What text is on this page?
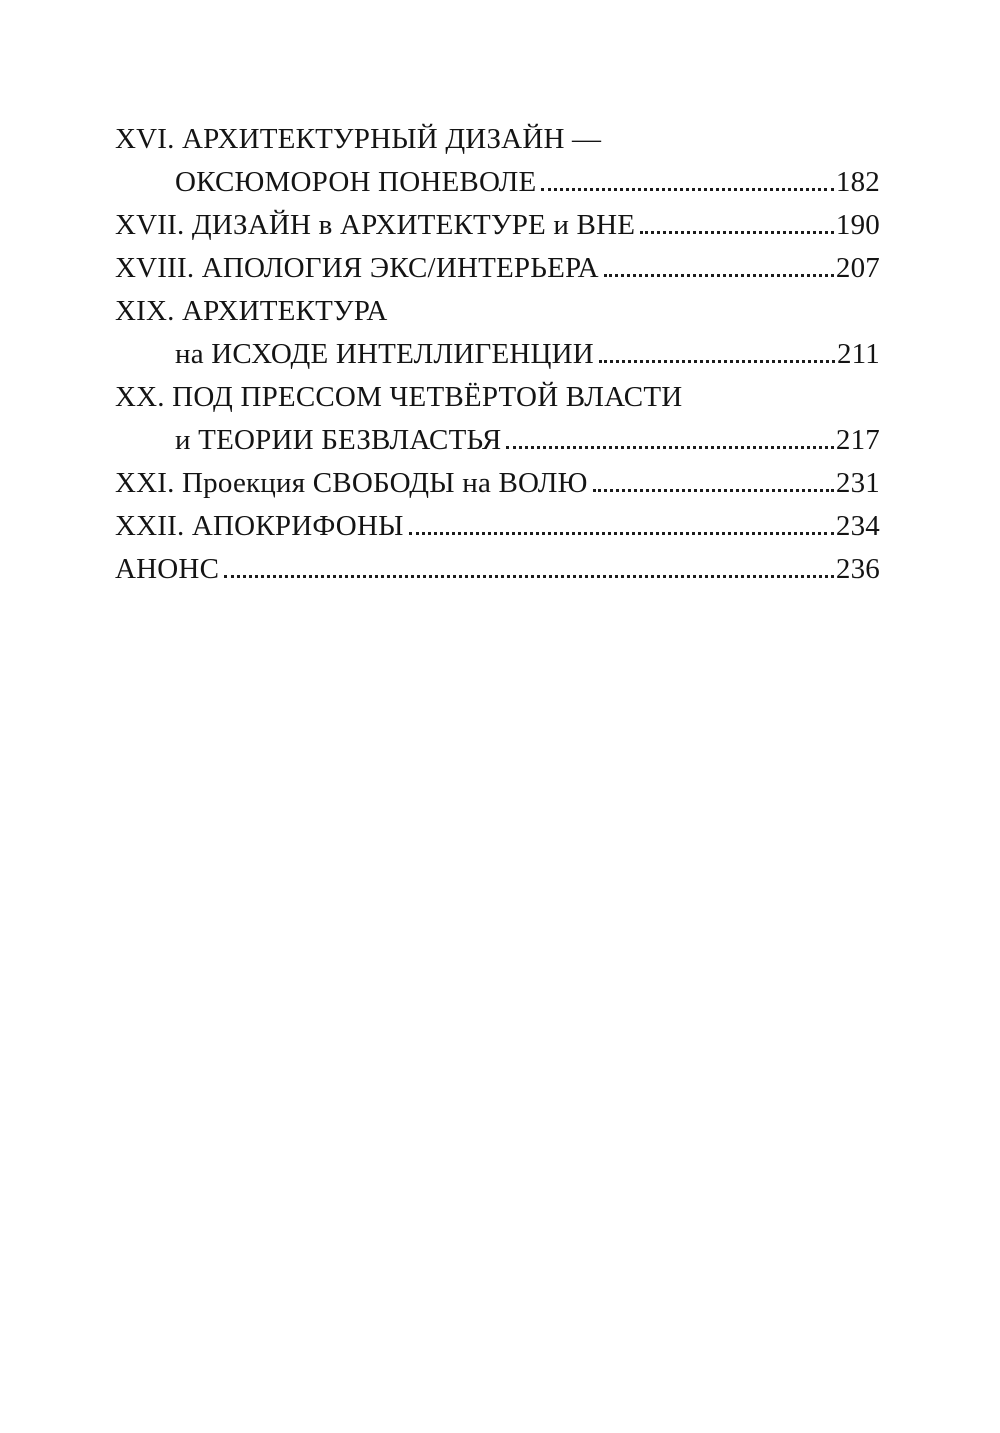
XVI. АРХИТЕКТУРНЫЙ ДИЗАЙН —
ОКСЮМОРОН ПОНЕВОЛЕ	182
XVII. ДИЗАЙН в АРХИТЕКТУРЕ и ВНЕ	190
XVIII. АПОЛОГИЯ ЭКС/ИНТЕРЬЕРА	207
XIX. АРХИТЕКТУРА
на ИСХОДЕ ИНТЕЛЛИГЕНЦИИ	211
XX. ПОД ПРЕССОМ ЧЕТВЁРТОЙ ВЛАСТИ
и ТЕОРИИ БЕЗВЛАСТЬЯ	217
XXI. Проекция СВОБОДЫ на ВОЛЮ	231
XXII. АПОКРИФОНЫ	234
АНОНС	236
